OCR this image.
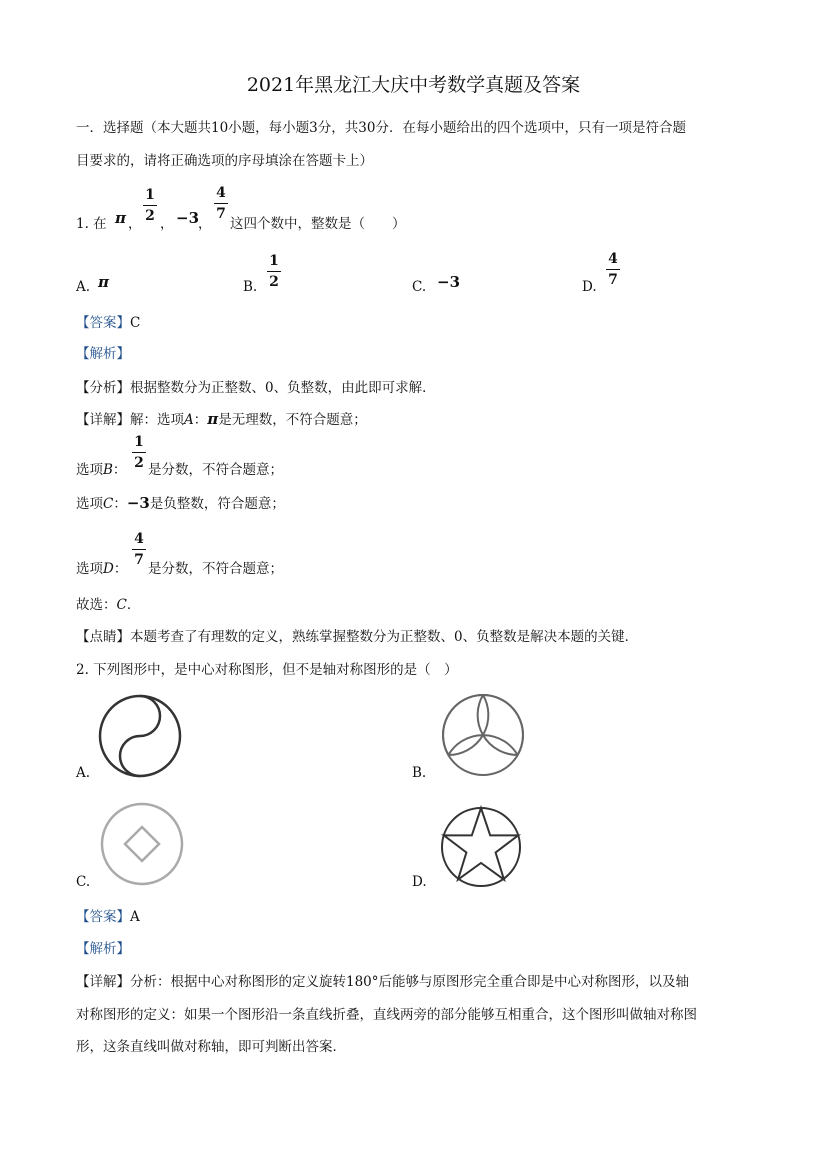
2021年黑龙江大庆中考数学真题及答案
一．选择题（本大题共10小题，每小题3分，共30分．在每小题给出的四个选项中，只有一项是符合题
目要求的，请将正确选项的序母填涂在答题卡上）
1. 在 π ，
1
2 ， −3
，
4
7
这四个数中，整数是（　　）
A. π	B.
1
2	C. −3	D.
4
7
【答案】C
【解析】
【分析】根据整数分为正整数、0、负整数，由此即可求解．
【详解】解：选项A：π是无理数，不符合题意；
选项B：
1
2 是分数，不符合题意；
选项C：−3是负整数，符合题意；
选项D：
4
7
是分数，不符合题意；
故选：C．
【点睛】本题考查了有理数的定义，熟练掌握整数分为正整数、0、负整数是解决本题的关键．
2. 下列图形中，是中心对称图形，但不是轴对称图形的是（　）
A.	B.
C.	D.
【答案】A
【解析】
【详解】分析：根据中心对称图形的定义旋转180°后能够与原图形完全重合即是中心对称图形，以及轴
对称图形的定义：如果一个图形沿一条直线折叠，直线两旁的部分能够互相重合，这个图形叫做轴对称图
形，这条直线叫做对称轴，即可判断出答案．
